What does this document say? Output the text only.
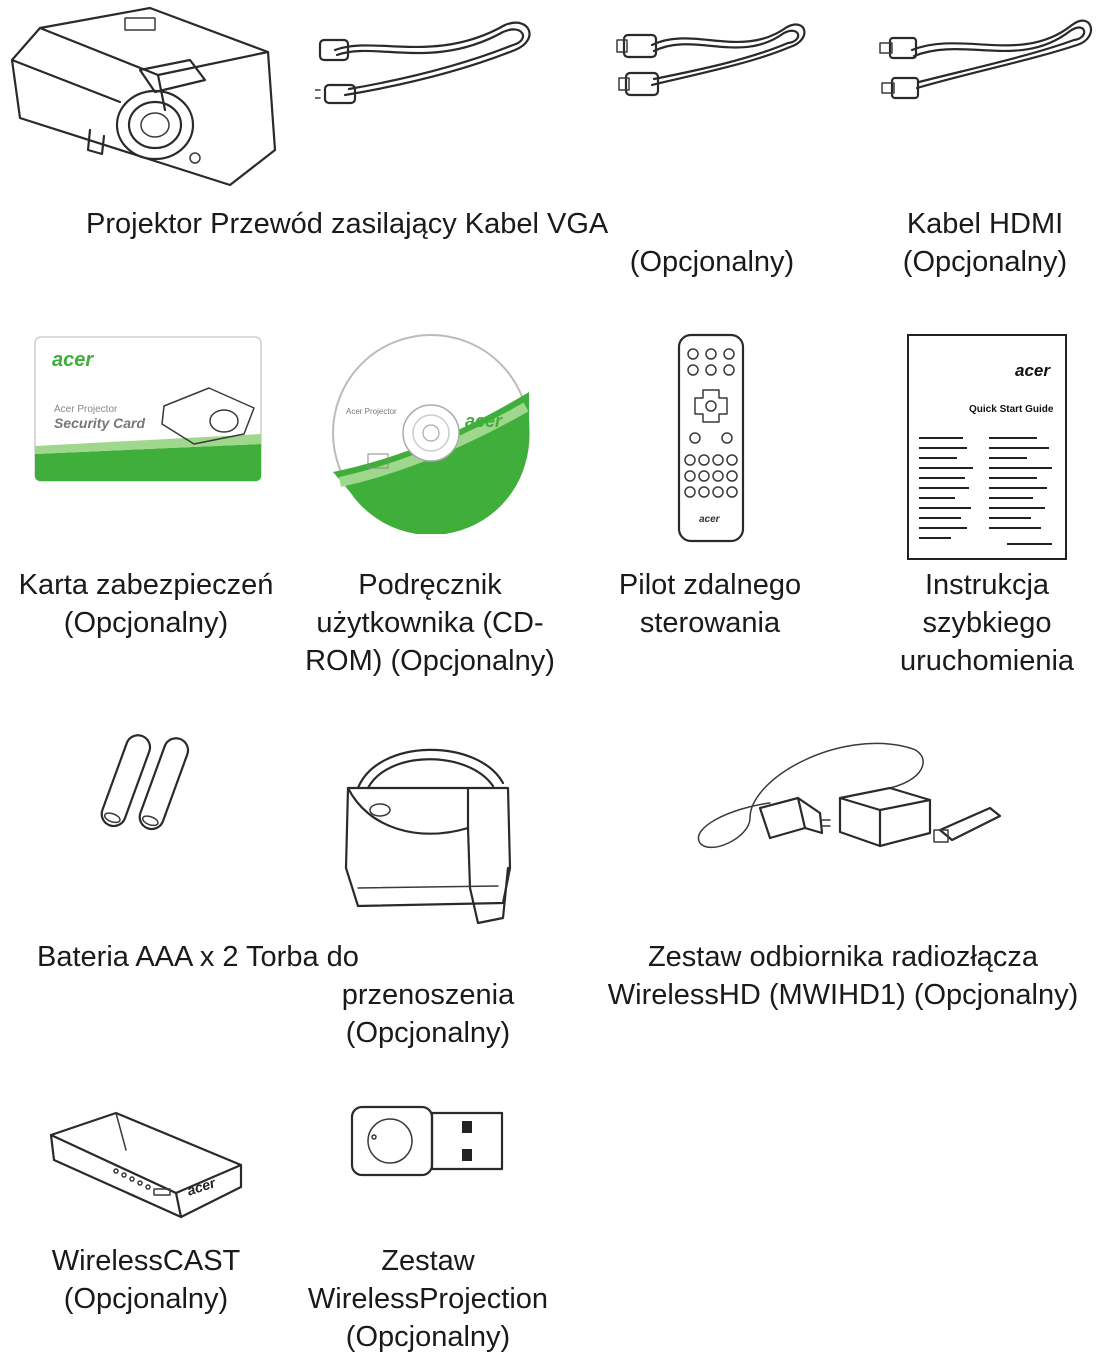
Projektor Przewód zasilający Kabel VGA
(Opcjonalny)
Kabel HDMI
(Opcjonalny)
acer
Acer Projector
Security Card	acer
Acer Projector
acer
acer
Quick Start Guide
Karta zabezpieczeń
(Opcjonalny)
Podręcznik
użytkownika (CD-
ROM) (Opcjonalny)
Pilot zdalnego
sterowania
Instrukcja
szybkiego
uruchomienia
Bateria AAA x 2 Torba do
przenoszenia
(Opcjonalny)
Zestaw odbiornika radiozłącza
WirelessHD (MWIHD1) (Opcjonalny)
acer
WirelessCAST
(Opcjonalny)
Zestaw
WirelessProjection
(Opcjonalny)
